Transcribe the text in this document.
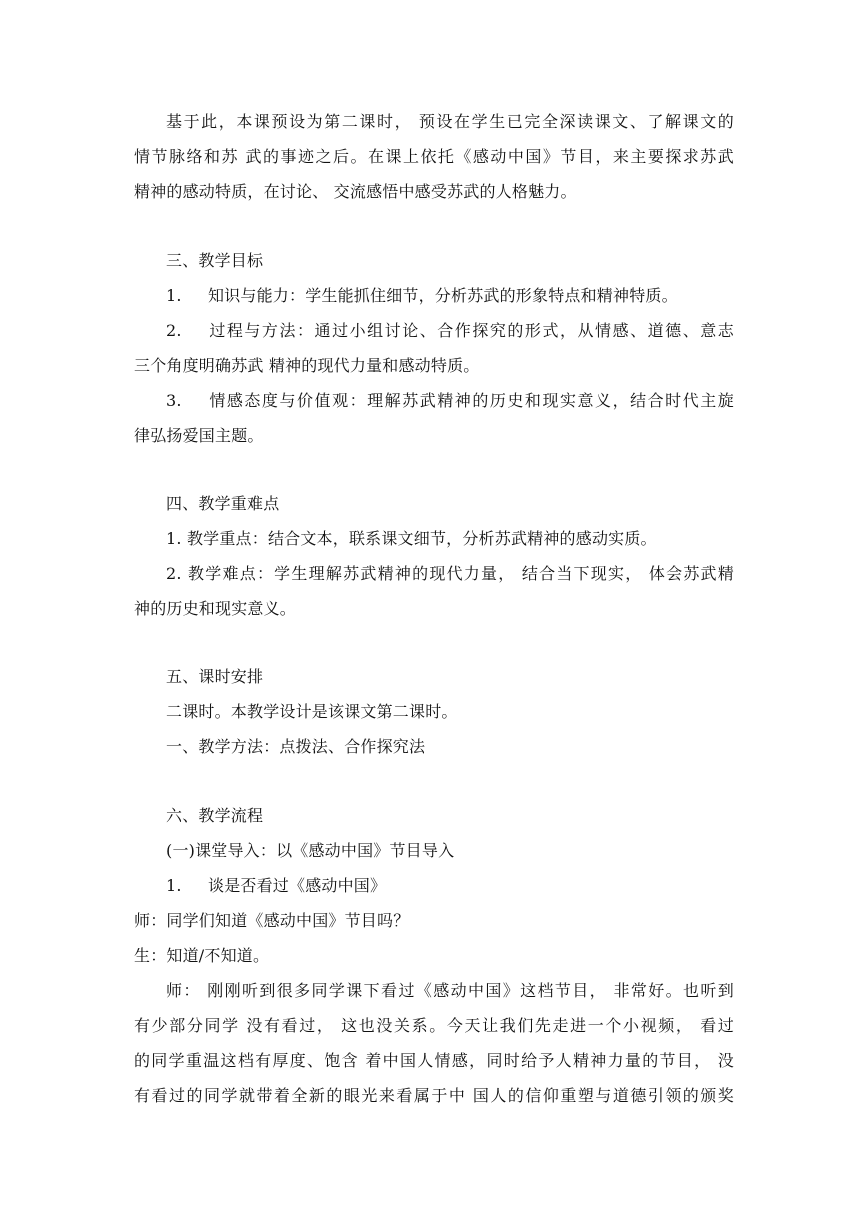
基于此，本课预设为第二课时， 预设在学生已完全深读课文、了解课文的
情节脉络和苏 武的事迹之后。在课上依托《感动中国》节目，来主要探求苏武
精神的感动特质，在讨论、 交流感悟中感受苏武的人格魅力。
三、教学目标
1. 知识与能力：学生能抓住细节，分析苏武的形象特点和精神特质。
2. 过程与方法：通过小组讨论、合作探究的形式，从情感、道德、意志
三个角度明确苏武 精神的现代力量和感动特质。
3. 情感态度与价值观：理解苏武精神的历史和现实意义，结合时代主旋
律弘扬爱国主题。
四、教学重难点
1. 教学重点：结合文本，联系课文细节，分析苏武精神的感动实质。
2. 教学难点：学生理解苏武精神的现代力量， 结合当下现实， 体会苏武精
神的历史和现实意义。
五、课时安排
二课时。本教学设计是该课文第二课时。
一、教学方法：点拨法、合作探究法
六、教学流程
(一)课堂导入：以《感动中国》节目导入
1. 谈是否看过《感动中国》
师：同学们知道《感动中国》节目吗？
生：知道/不知道。
师： 刚刚听到很多同学课下看过《感动中国》这档节目， 非常好。也听到
有少部分同学 没有看过， 这也没关系。今天让我们先走进一个小视频， 看过
的同学重温这档有厚度、饱含 着中国人情感，同时给予人精神力量的节目， 没
有看过的同学就带着全新的眼光来看属于中 国人的信仰重塑与道德引领的颁奖
